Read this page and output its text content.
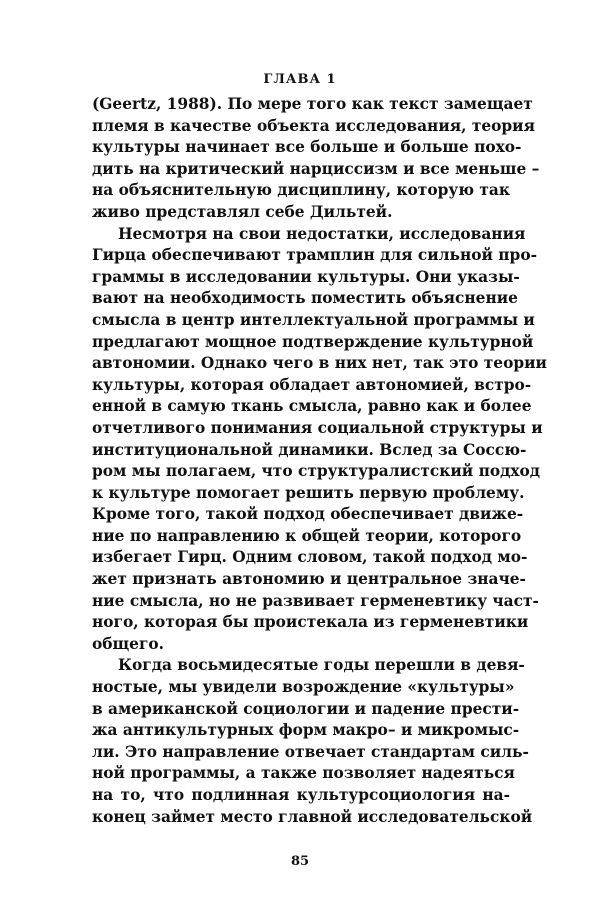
ГЛАВА 1
(Geertz, 1988). По мере того как текст замещает
племя в качестве объекта исследования, теория
культуры начинает все больше и больше похо-
дить на критический нарциссизм и все меньше –
на объяснительную дисциплину, которую так
живо представлял себе Дильтей.
Несмотря на свои недостатки, исследования
Гирца обеспечивают трамплин для сильной про-
граммы в исследовании культуры. Они указы-
вают на необходимость поместить объяснение
смысла в центр интеллектуальной программы и
предлагают мощное подтверждение культурной
автономии. Однако чего в них нет, так это теории
культуры, которая обладает автономией, встро-
енной в самую ткань смысла, равно как и более
отчетливого понимания социальной структуры и
институциональной динамики. Вслед за Соссю-
ром мы полагаем, что структуралистский подход
к культуре помогает решить первую проблему.
Кроме того, такой подход обеспечивает движе-
ние по направлению к общей теории, которого
избегает Гирц. Одним словом, такой подход мо-
жет признать автономию и центральное значе-
ние смысла, но не развивает герменевтику част-
ного, которая бы проистекала из герменевтики
общего.
Когда восьмидесятые годы перешли в девя-
ностые, мы увидели возрождение «культуры»
в американской социологии и падение прести-
жа антикультурных форм макро– и микромыс-
ли. Это направление отвечает стандартам силь-
ной программы, а также позволяет надеяться
на то, что подлинная культурсоциология на-
конец займет место главной исследовательской
85
